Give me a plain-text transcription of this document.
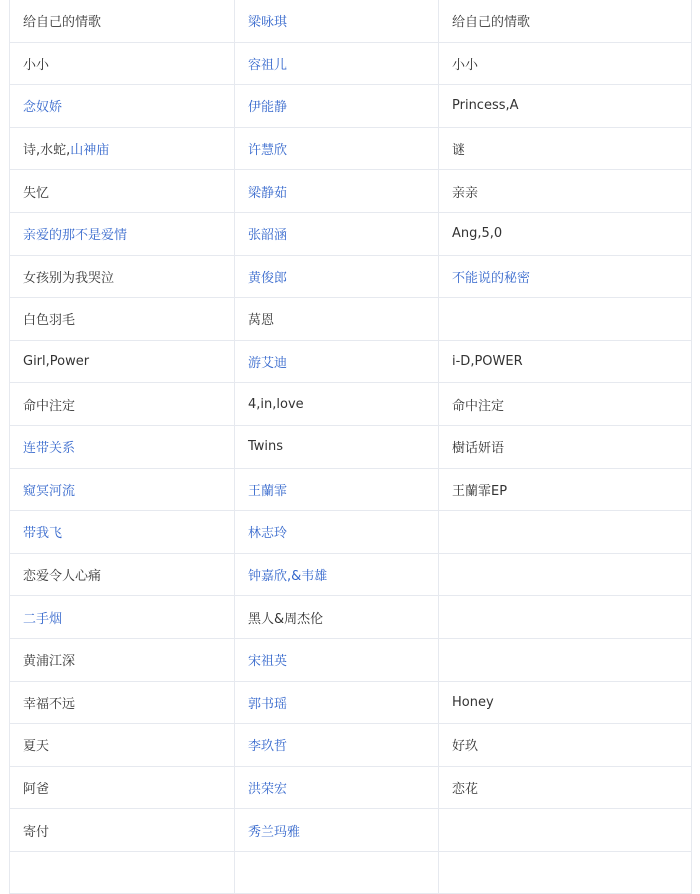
给自己的情歌	梁咏琪	给自己的情歌
小小	容祖儿	小小
念奴娇	伊能静	Princess,A
诗,水蛇,山神庙	许慧欣	谜
失忆	梁静茹	亲亲
亲爱的那不是爱情	张韶涵	Ang,5,0
女孩别为我哭泣	黄俊郎	不能说的秘密
白色羽毛	莴恩	
Girl,Power	游艾迪	i-D,POWER
命中注定	4,in,love	命中注定
连带关系	Twins	樹话妍语
窥冥河流	王蘭霏	王蘭霏EP
带我飞	林志玲	
恋爱令人心痛	钟嘉欣,&韦雄	
二手烟	黑人&周杰伦	
黄浦江深	宋祖英	
幸福不远	郭书瑶	Honey
夏天	李玖哲	好玖
阿爸	洪荣宏	恋花
寄付	秀兰玛雅	
